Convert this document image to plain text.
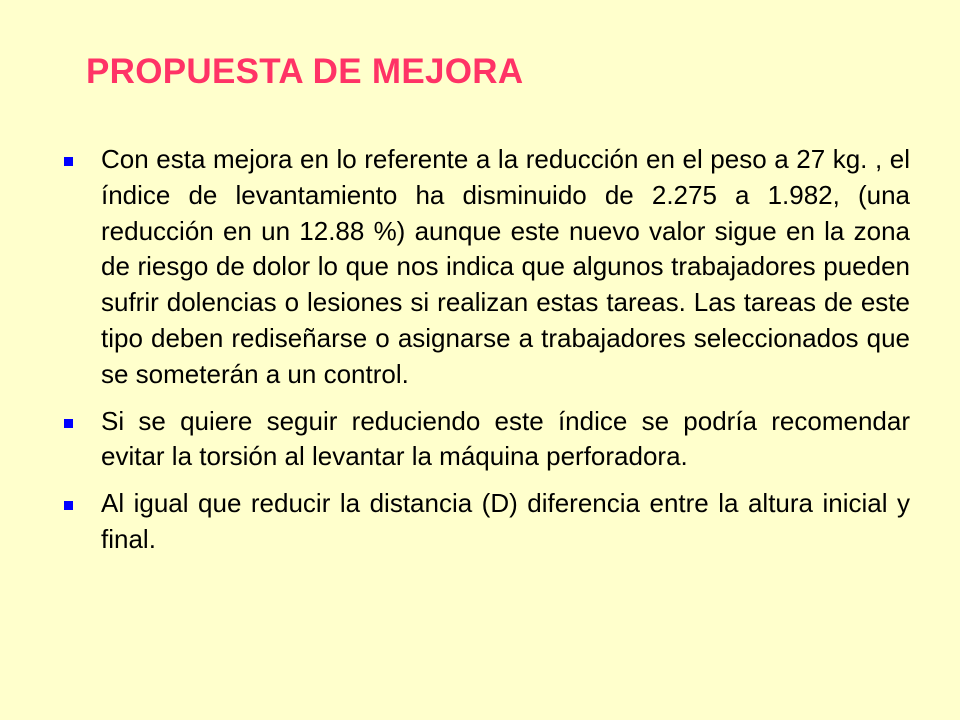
PROPUESTA DE MEJORA
Con esta mejora en lo referente a la reducción en el peso a 27 kg. , el índice de levantamiento ha disminuido de 2.275 a 1.982, (una reducción en un 12.88 %) aunque este nuevo valor sigue en la zona de riesgo de dolor lo que nos indica que algunos trabajadores pueden sufrir dolencias o lesiones si realizan estas tareas. Las tareas de este tipo deben rediseñarse o asignarse a trabajadores seleccionados que se someterán a un control.
Si se quiere seguir reduciendo este índice se podría recomendar evitar la torsión al levantar la máquina perforadora.
Al igual que reducir la distancia (D) diferencia entre la altura inicial y final.
